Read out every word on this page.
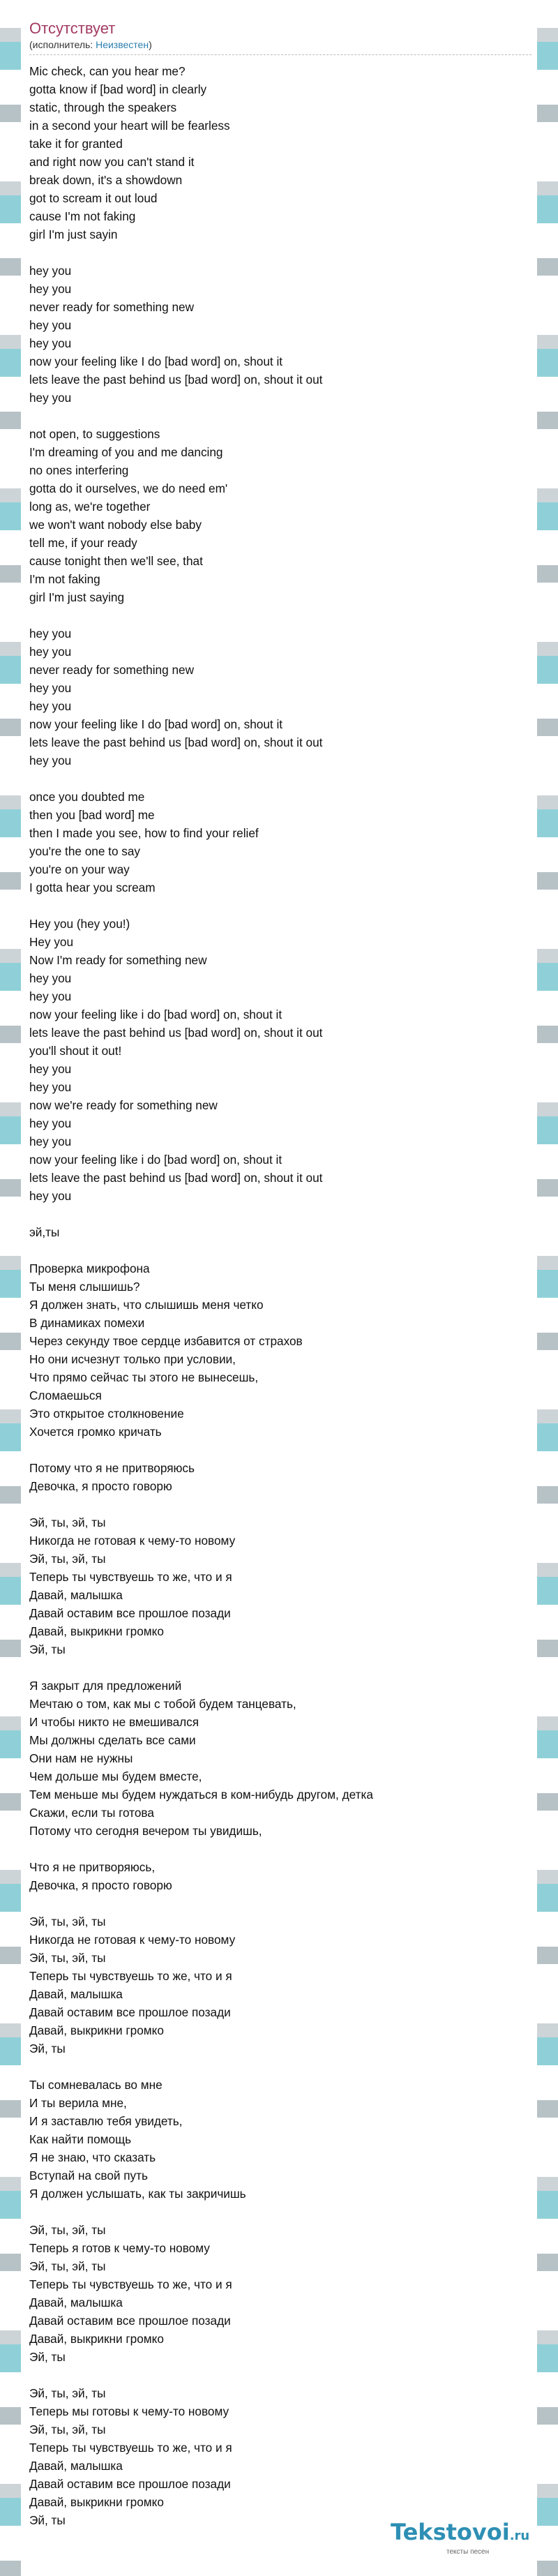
Отсутствует
(исполнитель: Неизвестен)
Mic check, can you hear me?
gotta know if [bad word] in clearly
static, through the speakers
in a second your heart will be fearless
take it for granted
and right now you can't stand it
break down, it's a showdown
got to scream it out loud
cause I'm not faking
girl I'm just sayin

hey you
hey you
never ready for something new
hey you
hey you
now your feeling like I do [bad word] on, shout it
lets leave the past behind us [bad word] on, shout it out
hey you

not open, to suggestions
I'm dreaming of you and me dancing
no ones interfering
gotta do it ourselves, we do need em'
long as, we're together
we won't want nobody else baby
tell me, if your ready
cause tonight then we'll see, that
I'm not faking
girl I'm just saying

hey you
hey you
never ready for something new
hey you
hey you
now your feeling like I do [bad word] on, shout it
lets leave the past behind us [bad word] on, shout it out
hey you

once you doubted me
then you [bad word] me
then I made you see, how to find your relief
you're the one to say
you're on your way
I gotta hear you scream

Hey you (hey you!)
Hey you
Now I'm ready for something new
hey you
hey you
now your feeling like i do [bad word] on, shout it
lets leave the past behind us [bad word] on, shout it out
you'll shout it out!
hey you
hey you
now we're ready for something new
hey you
hey you
now your feeling like i do [bad word] on, shout it
lets leave the past behind us [bad word] on, shout it out
hey you

эй,ты

Проверка микрофона
Ты меня слышишь?
Я должен знать, что слышишь меня четко
В динамиках помехи
Через секунду твое сердце избавится от страхов
Но они исчезнут только при условии,
Что прямо сейчас ты этого не вынесешь,
Сломаешься
Это открытое столкновение
Хочется громко кричать

Потому что я не притворяюсь
Девочка, я просто говорю

Эй, ты, эй, ты
Никогда не готовая к чему-то новому
Эй, ты, эй, ты
Теперь ты чувствуешь то же, что и я
Давай, малышка
Давай оставим все прошлое позади
Давай, выкрикни громко
Эй, ты

Я закрыт для предложений
Мечтаю о том, как мы с тобой будем танцевать,
И чтобы никто не вмешивался
Мы должны сделать все сами
Они нам не нужны
Чем дольше мы будем вместе,
Тем меньше мы будем нуждаться в ком-нибудь другом, детка
Скажи, если ты готова
Потому что сегодня вечером ты увидишь,

Что я не притворяюсь,
Девочка, я просто говорю

Эй, ты, эй, ты
Никогда не готовая к чему-то новому
Эй, ты, эй, ты
Теперь ты чувствуешь то же, что и я
Давай, малышка
Давай оставим все прошлое позади
Давай, выкрикни громко
Эй, ты

Ты сомневалась во мне
И ты верила мне,
И я заставлю тебя увидеть,
Как найти помощь
Я не знаю, что сказать
Вступай на свой путь
Я должен услышать, как ты закричишь

Эй, ты, эй, ты
Теперь я готов к чему-то новому
Эй, ты, эй, ты
Теперь ты чувствуешь то же, что и я
Давай, малышка
Давай оставим все прошлое позади
Давай, выкрикни громко
Эй, ты

Эй, ты, эй, ты
Теперь мы готовы к чему-то новому
Эй, ты, эй, ты
Теперь ты чувствуешь то же, что и я
Давай, малышка
Давай оставим все прошлое позади
Давай, выкрикни громко
Эй, ты	Tekstovoi.ru
тексты песен
